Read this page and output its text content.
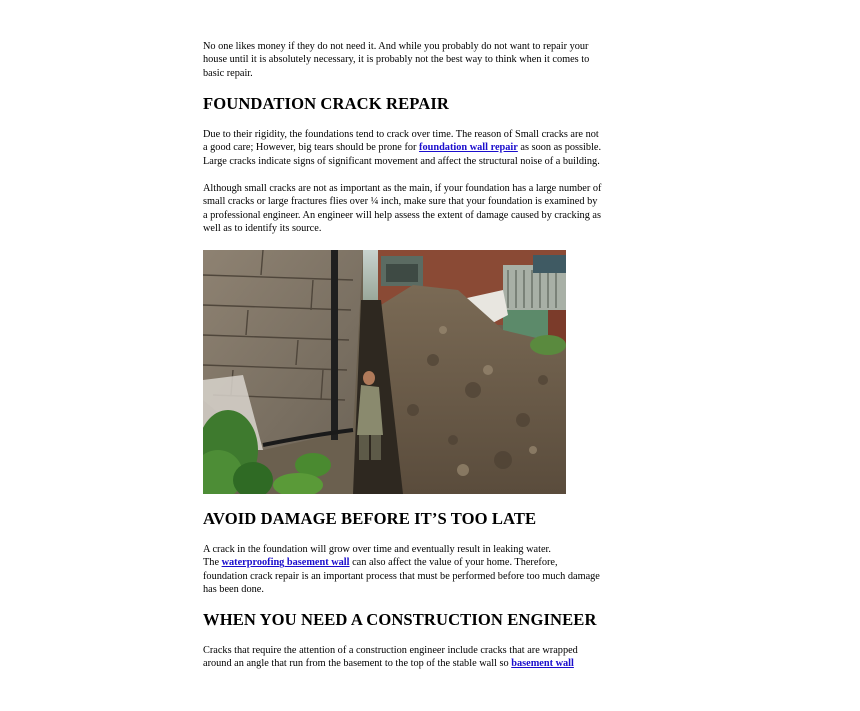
No one likes money if they do not need it. And while you probably do not want to repair your
house until it is absolutely necessary, it is probably not the best way to think when it comes to
basic repair.

FOUNDATION CRACK REPAIR

Due to their rigidity, the foundations tend to crack over time. The reason of Small cracks are not
a good care; However, big tears should be prone for foundation wall repair as soon as possible.
Large cracks indicate signs of significant movement and affect the structural noise of a building.

Although small cracks are not as important as the main, if your foundation has a large number of
small cracks or large fractures flies over ¼ inch, make sure that your foundation is examined by
a professional engineer. An engineer will help assess the extent of damage caused by cracking as
well as to identify its source.

AVOID DAMAGE BEFORE IT’S TOO LATE

A crack in the foundation will grow over time and eventually result in leaking water.
The waterproofing basement wall can also affect the value of your home. Therefore,
foundation crack repair is an important process that must be performed before too much damage
has been done.

WHEN YOU NEED A CONSTRUCTION ENGINEER

Cracks that require the attention of a construction engineer include cracks that are wrapped
around an angle that run from the basement to the top of the stable wall so basement wall
